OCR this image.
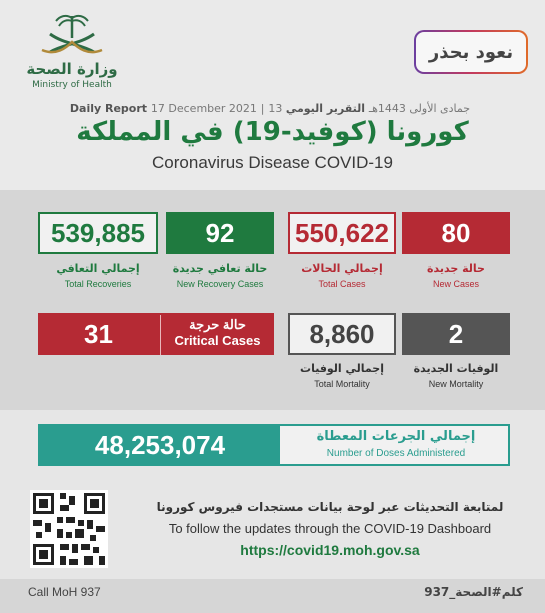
وزارة الصحة
Ministry of Health
نعود بحذر
Daily Report 17 December 2021 | 13 جمادى الأولى 1443هـ التقرير اليومي
كورونا (كوفيد-19) في المملكة
Coronavirus Disease COVID-19
539,885	92	550,622	80
إجمالي التعافي
Total Recoveries
حالة تعافي جديدة
New Recovery Cases
إجمالي الحالات
Total Cases
حالة جديدة
New Cases
31	حالة حرجة
Critical Cases	8,860	2
إجمالي الوفيات
Total Mortality
الوفيات الجديدة
New Mortality
48,253,074	إجمالي الجرعات المعطاة
Number of Doses Administered
لمتابعة التحديثات عبر لوحة بيانات مستجدات فيروس كورونا
To follow the updates through the COVID-19 Dashboard
https://covid19.moh.gov.sa
Call MoH 937	كلم#الصحة_937
